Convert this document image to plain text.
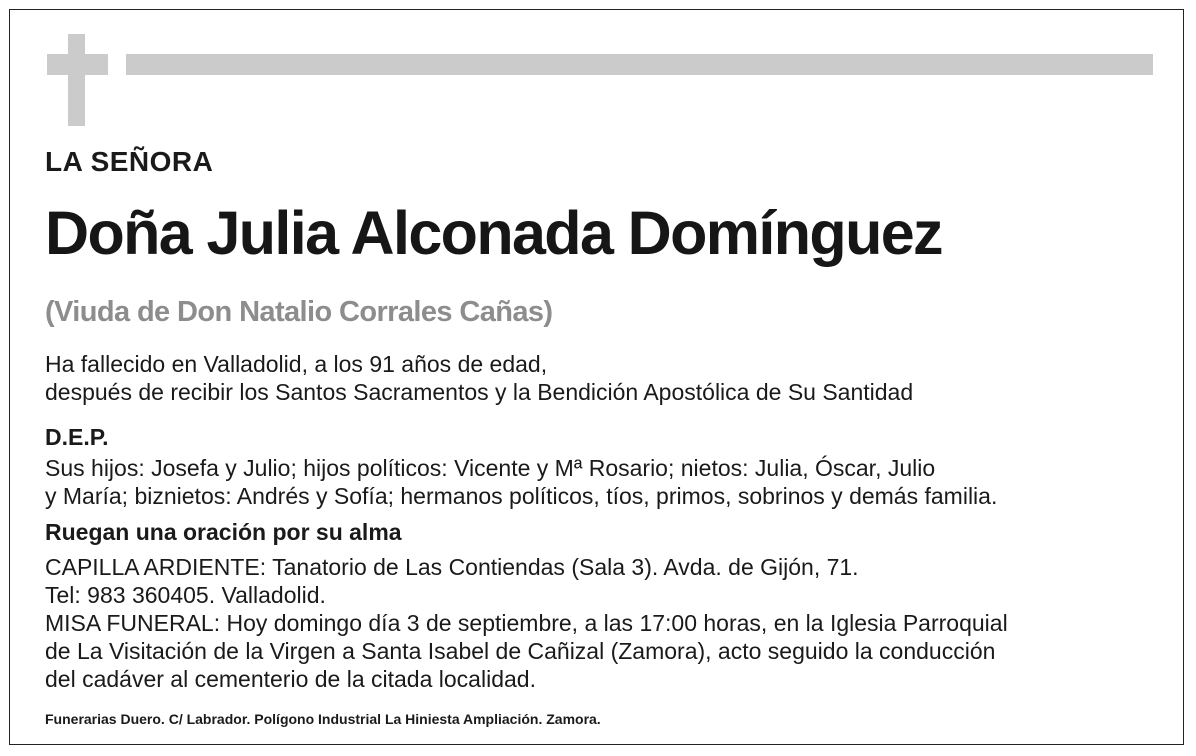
LA SEÑORA

Doña Julia Alconada Domínguez

(Viuda de Don Natalio Corrales Cañas)

Ha fallecido en Valladolid, a los 91 años de edad,
después de recibir los Santos Sacramentos y la Bendición Apostólica de Su Santidad

D.E.P.

Sus hijos: Josefa y Julio; hijos políticos: Vicente y Mª Rosario; nietos: Julia, Óscar, Julio
y María; biznietos: Andrés y Sofía; hermanos políticos, tíos, primos, sobrinos y demás familia.

Ruegan una oración por su alma

CAPILLA ARDIENTE: Tanatorio de Las Contiendas (Sala 3). Avda. de Gijón, 71.
Tel: 983 360405. Valladolid.
MISA FUNERAL: Hoy domingo día 3 de septiembre, a las 17:00 horas, en la Iglesia Parroquial
de La Visitación de la Virgen a Santa Isabel de Cañizal (Zamora), acto seguido la conducción
del cadáver al cementerio de la citada localidad.

Funerarias Duero. C/ Labrador. Polígono Industrial La Hiniesta Ampliación. Zamora.
